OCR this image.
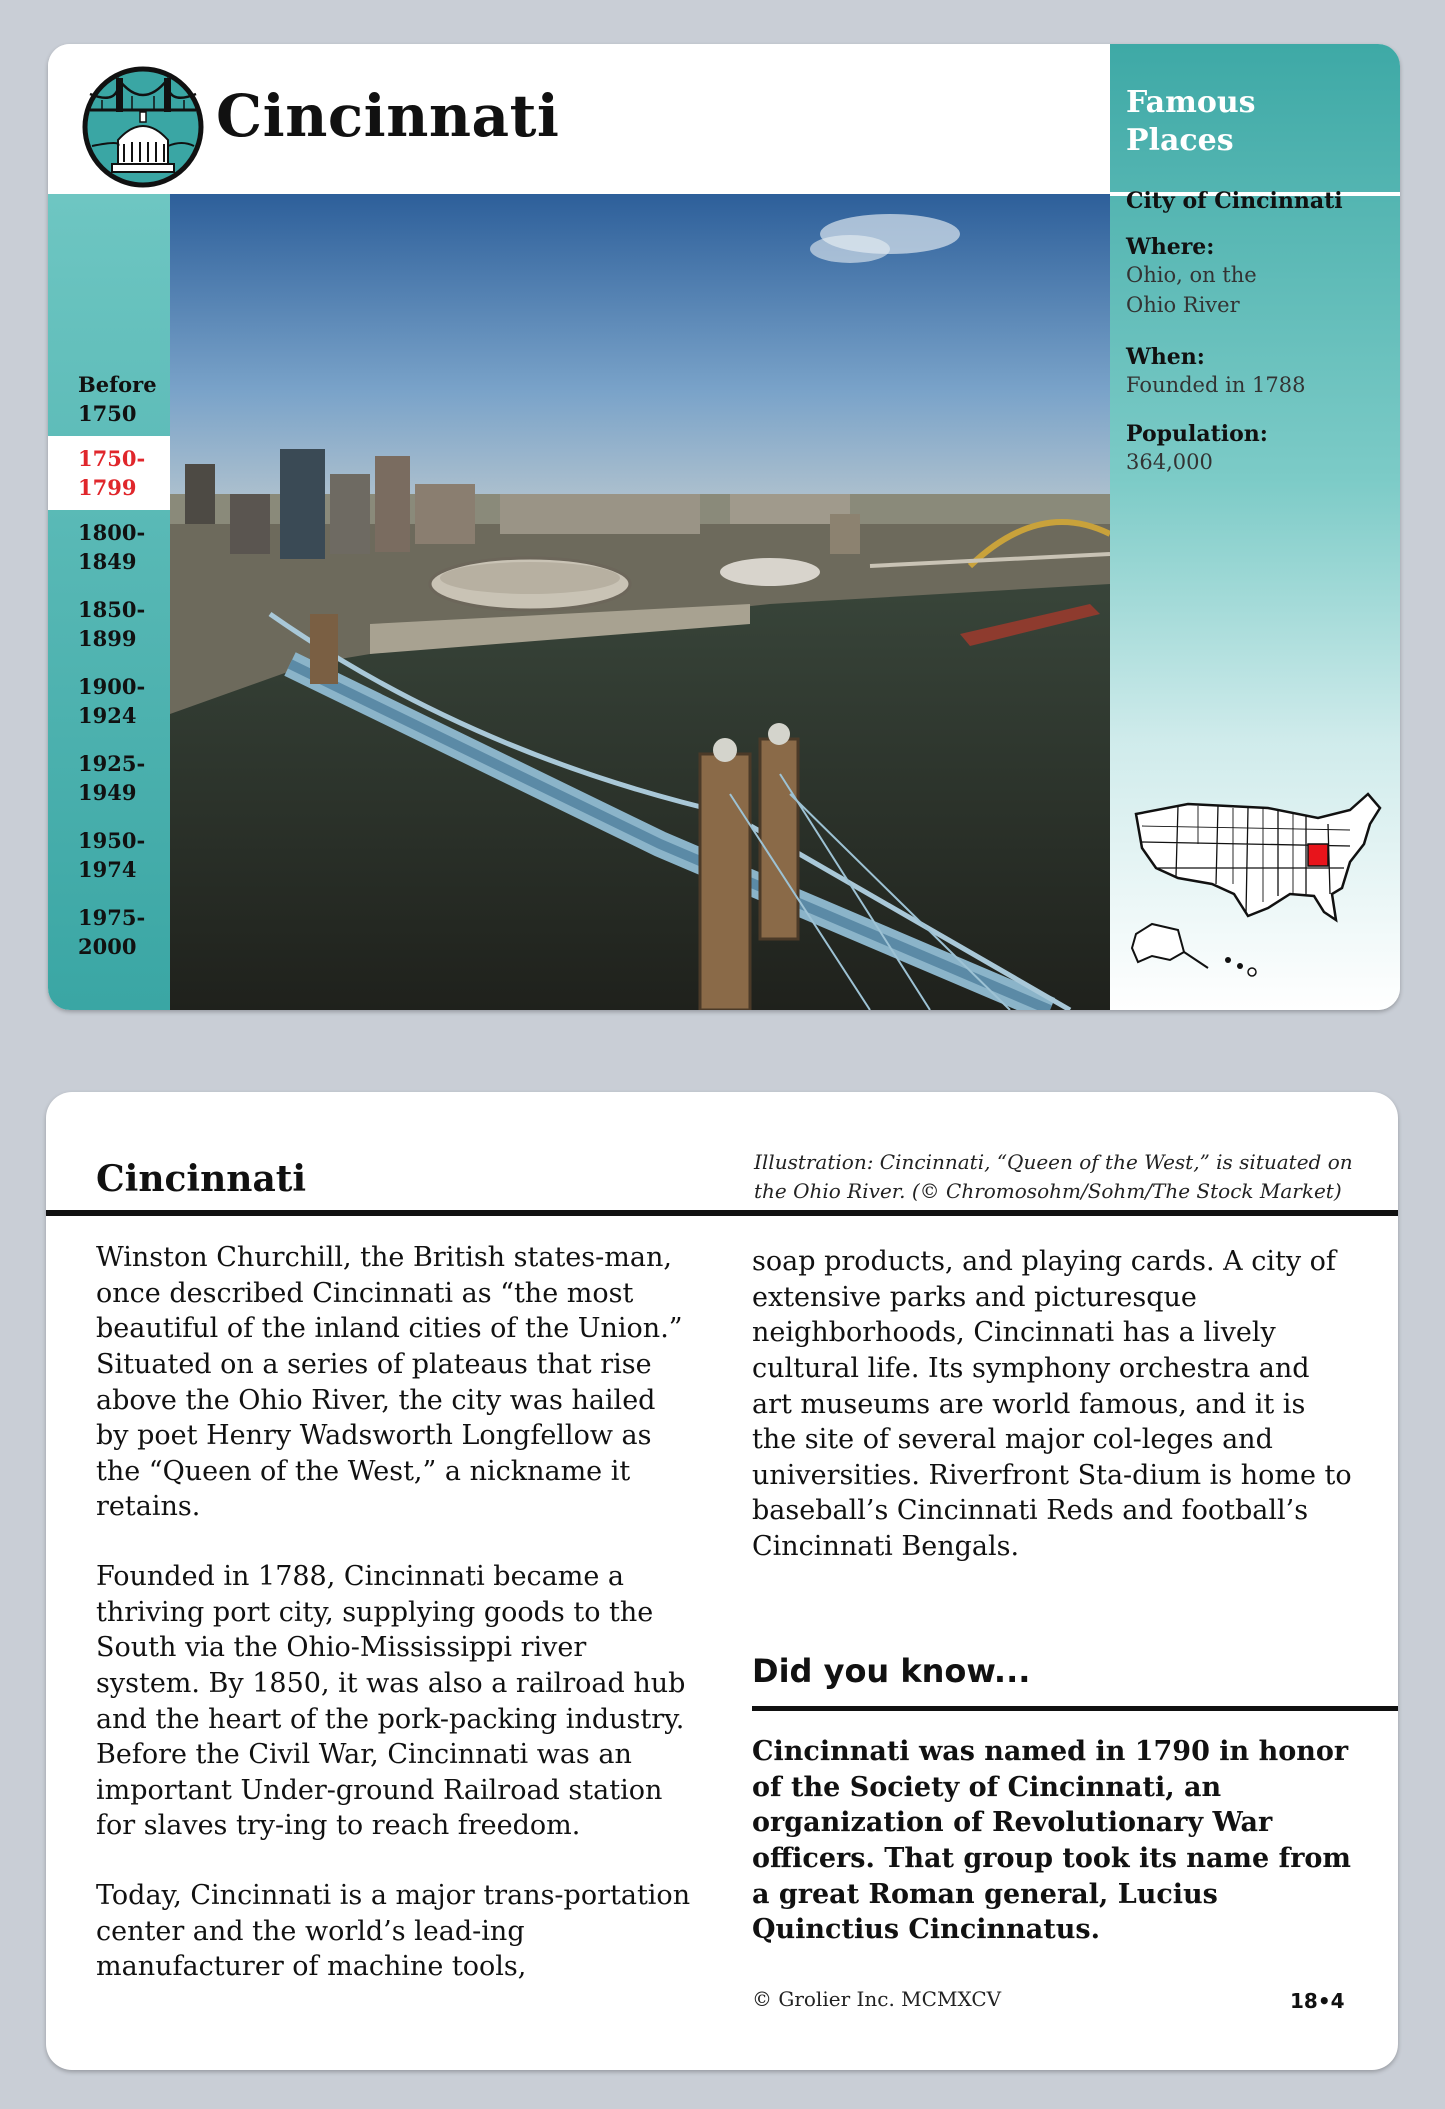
Cincinnati
Before
1750
1750-
1799
1800-
1849
1850-
1899
1900-
1924
1925-
1949
1950-
1974
1975-
2000
Famous
Places
City of Cincinnati
Where:
Ohio, on the
Ohio River
When:
Founded in 1788
Population:
364,000
Cincinnati	Illustration: Cincinnati, “Queen of the West,” is situated on the Ohio River. (© Chromosohm/Sohm/The Stock Market)

Winston Churchill, the British states-man, once described Cincinnati as “the most beautiful of the inland cities of the Union.” Situated on a series of plateaus that rise above the Ohio River, the city was hailed by poet Henry Wadsworth Longfellow as the “Queen of the West,” a nickname it retains.

Founded in 1788, Cincinnati became a thriving port city, supplying goods to the South via the Ohio-Mississippi river system. By 1850, it was also a railroad hub and the heart of the pork-packing industry. Before the Civil War, Cincinnati was an important Under-ground Railroad station for slaves try-ing to reach freedom.

Today, Cincinnati is a major trans-portation center and the world’s lead-ing manufacturer of machine tools,

soap products, and playing cards. A city of extensive parks and picturesque neighborhoods, Cincinnati has a lively cultural life. Its symphony orchestra and art museums are world famous, and it is the site of several major col-leges and universities. Riverfront Sta-dium is home to baseball’s Cincinnati Reds and football’s Cincinnati Bengals.

Did you know...
Cincinnati was named in 1790 in honor of the Society of Cincinnati, an organization of Revolutionary War officers. That group took its name from a great Roman general, Lucius Quinctius Cincinnatus.
© Grolier Inc. MCMXCV	18•4
